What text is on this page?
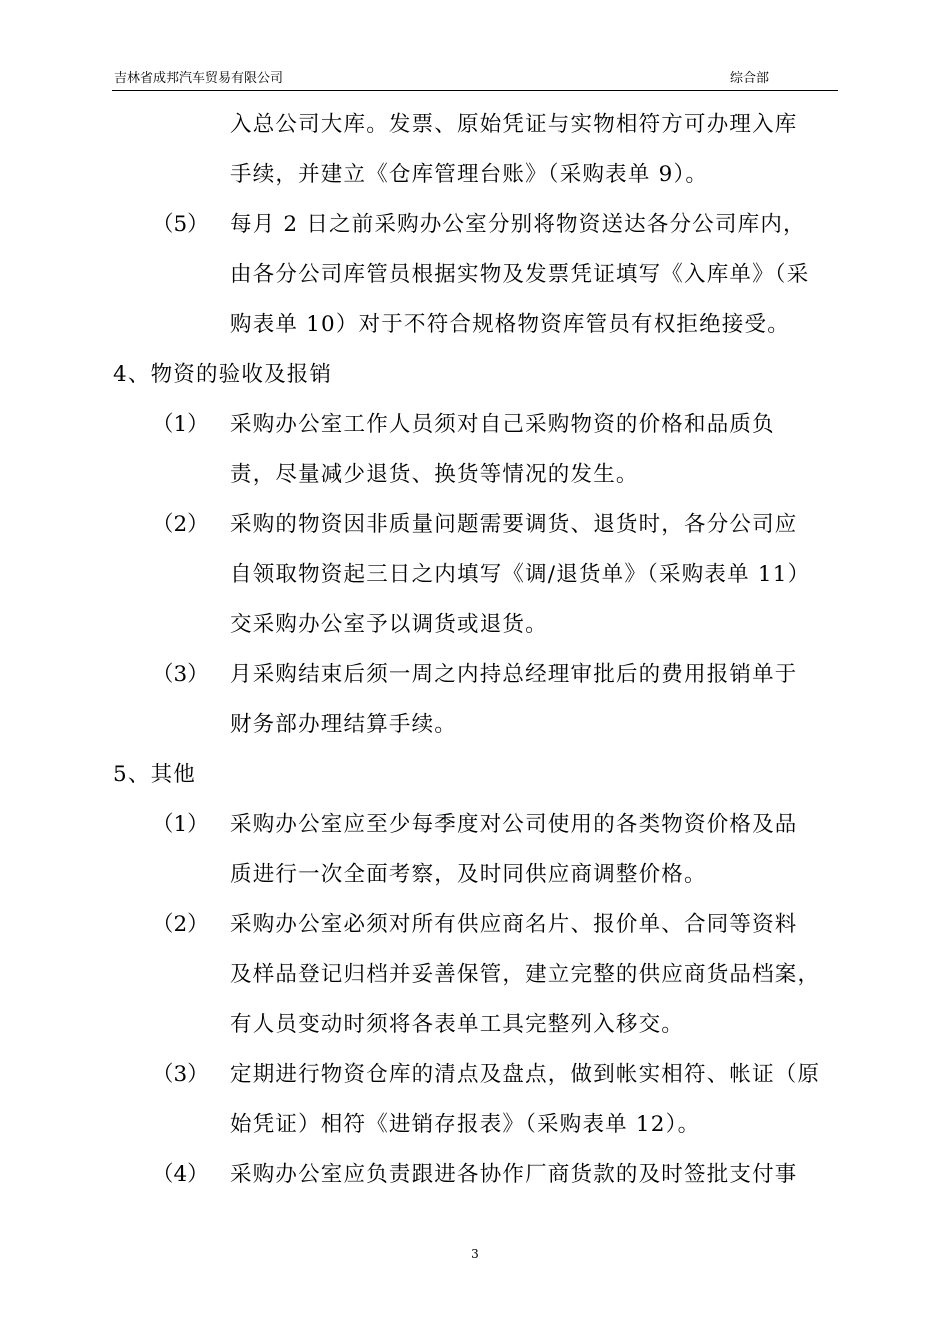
吉林省成邦汽车贸易有限公司	综合部
入总公司大库。发票、原始凭证与实物相符方可办理入库
手续，并建立《仓库管理台账》（采购表单 9）。
（5） 每月 2 日之前采购办公室分别将物资送达各分公司库内，
由各分公司库管员根据实物及发票凭证填写《入库单》（采
购表单 10）对于不符合规格物资库管员有权拒绝接受。
4、物资的验收及报销
（1） 采购办公室工作人员须对自己采购物资的价格和品质负
责，尽量减少退货、换货等情况的发生。
（2） 采购的物资因非质量问题需要调货、退货时，各分公司应
自领取物资起三日之内填写《调/退货单》（采购表单 11）
交采购办公室予以调货或退货。
（3） 月采购结束后须一周之内持总经理审批后的费用报销单于
财务部办理结算手续。
5、其他
（1） 采购办公室应至少每季度对公司使用的各类物资价格及品
质进行一次全面考察，及时同供应商调整价格。
（2） 采购办公室必须对所有供应商名片、报价单、合同等资料
及样品登记归档并妥善保管，建立完整的供应商货品档案，
有人员变动时须将各表单工具完整列入移交。
（3） 定期进行物资仓库的清点及盘点，做到帐实相符、帐证（原
始凭证）相符《进销存报表》（采购表单 12）。
（4） 采购办公室应负责跟进各协作厂商货款的及时签批支付事
3
